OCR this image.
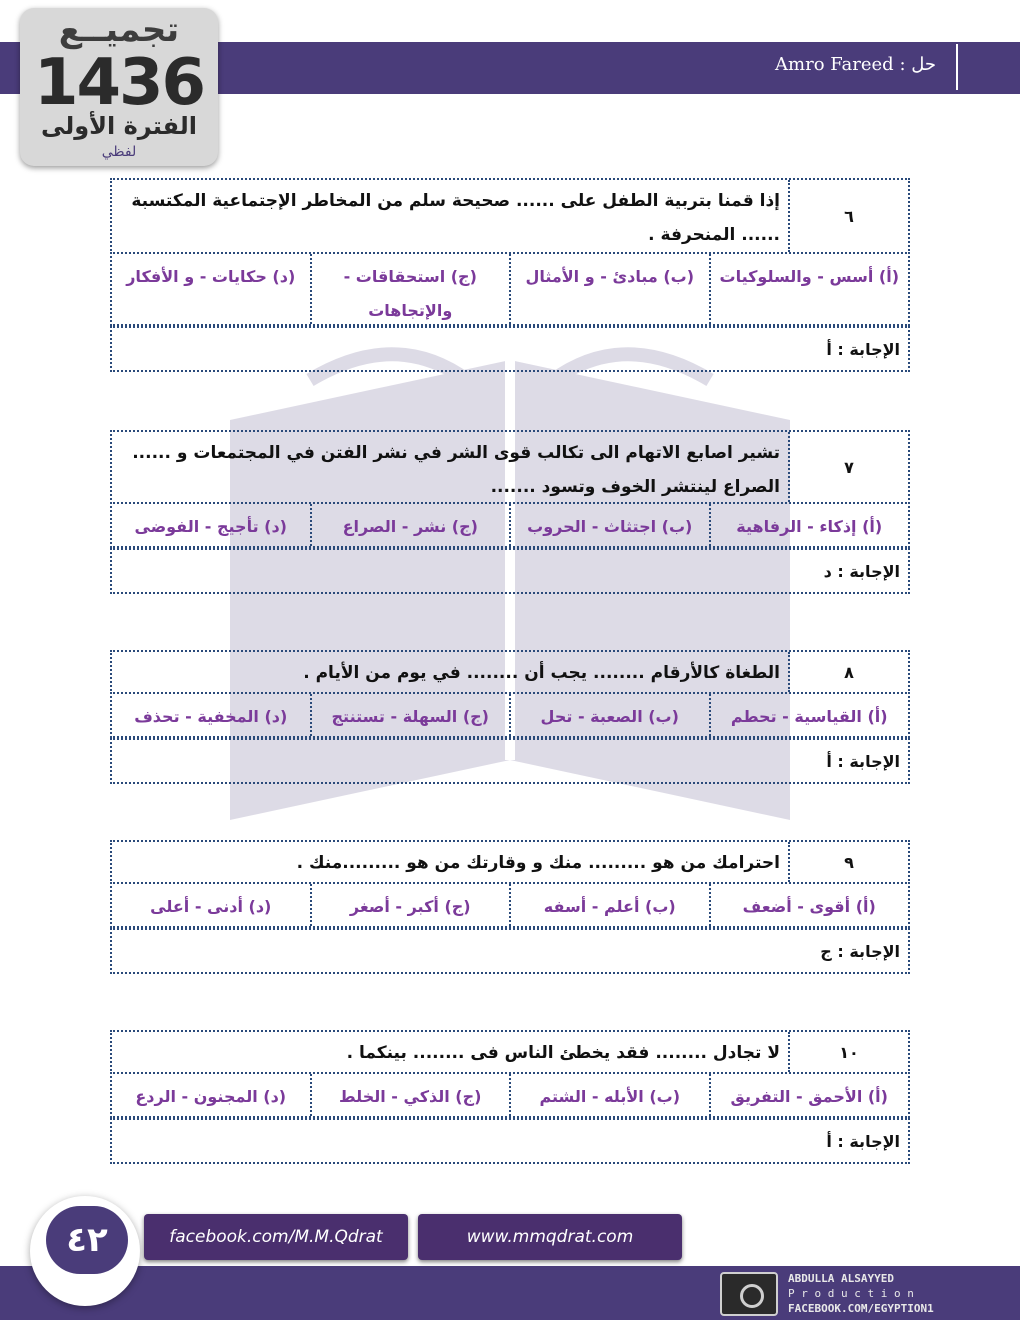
حل : Amro Fareed
تجميــع
1436
الفترة الأولى
لفظي
٦
إذا قمنا بتربية الطفل على ...... صحيحة سلم من المخاطر الإجتماعية المكتسبة ...... المنحرفة .
(أ) أسس - والسلوكيات
(ب) مبادئ - و الأمثال
(ج) استحقاقات - والإتجاهات
(د) حكايات - و الأفكار
الإجابة : أ
٧
تشير اصابع الاتهام الى تكالب قوى الشر في نشر الفتن في المجتمعات و ...... الصراع لينتشر الخوف وتسود .......
(أ) إذكاء - الرفاهية
(ب) اجتثاث - الحروب
(ج) نشر - الصراع
(د) تأجيج - الفوضى
الإجابة : د
٨
الطغاة كالأرقام ........ يجب أن ........ في يوم من الأيام .
(أ) القياسية - تحطم
(ب) الصعبة - تحل
(ج) السهلة - تستنتج
(د) المخفية - تحذف
الإجابة : أ
٩
احترامك من هو ......... منك و وقارتك من هو .........منك .
(أ) أقوى - أضعف
(ب) أعلم - أسفه
(ج) أكبر - أصغر
(د) أدنى - أعلى
الإجابة : ج
١٠
لا تجادل ........ فقد يخطئ الناس فى ........ بينكما .
(أ) الأحمق - التفريق
(ب) الأبله - الشتم
(ج) الذكي - الخلط
(د) المجنون - الردع
الإجابة : أ
٤٢	facebook.com/M.M.Qdrat	www.mmqdrat.com
ABDULLA ALSAYYED
P r o d u c t i o n
FACEBOOK.COM/EGYPTION1
